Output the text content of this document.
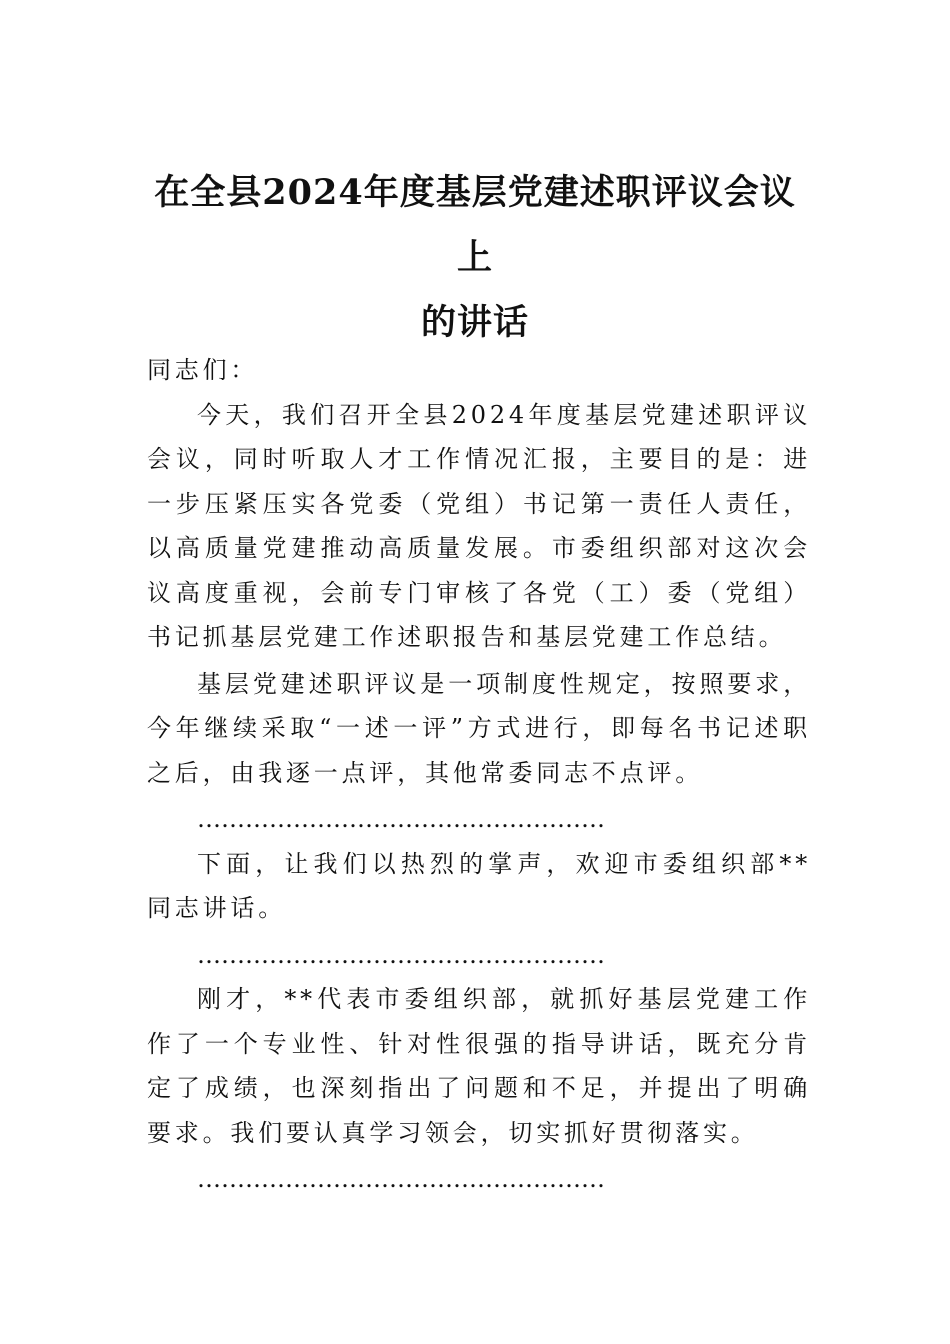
在全县2024年度基层党建述职评议会议上
的讲话

同志们：

今天，我们召开全县2024年度基层党建述职评议会议，同时听取人才工作情况汇报，主要目的是：进一步压紧压实各党委（党组）书记第一责任人责任，以高质量党建推动高质量发展。市委组织部对这次会议高度重视，会前专门审核了各党（工）委（党组）书记抓基层党建工作述职报告和基层党建工作总结。

基层党建述职评议是一项制度性规定，按照要求，今年继续采取“一述一评”方式进行，即每名书记述职之后，由我逐一点评，其他常委同志不点评。

……………………………………………

下面，让我们以热烈的掌声，欢迎市委组织部**同志讲话。

……………………………………………

刚才，**代表市委组织部，就抓好基层党建工作作了一个专业性、针对性很强的指导讲话，既充分肯定了成绩，也深刻指出了问题和不足，并提出了明确要求。我们要认真学习领会，切实抓好贯彻落实。

……………………………………………
